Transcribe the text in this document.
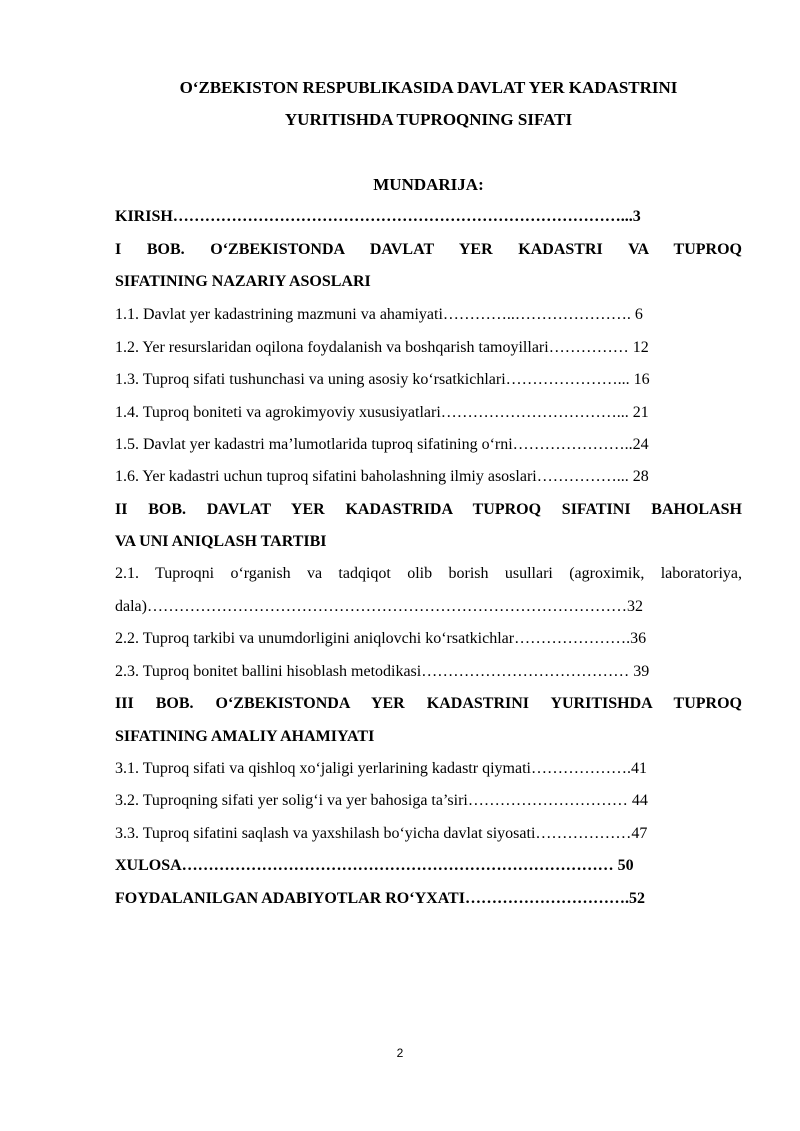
O‘ZBEKISTON RESPUBLIKASIDA DAVLAT YER KADASTRINI
YURITISHDA TUPROQNING SIFATI
MUNDARIJA:
KIRISH…………………………………………………………………………...3
I BOB. O‘ZBEKISTONDA DAVLAT YER KADASTRI VA TUPROQ
SIFATINING NAZARIY ASOSLARI
1.1. Davlat yer kadastrining mazmuni va ahamiyati…………..…………………. 6
1.2. Yer resurslaridan oqilona foydalanish va boshqarish tamoyillari…………… 12
1.3. Tuproq sifati tushunchasi va uning asosiy ko‘rsatkichlari…………………... 16
1.4. Tuproq boniteti va agrokimyoviy xususiyatlari……………………………... 21
1.5. Davlat yer kadastri ma’lumotlarida tuproq sifatining o‘rni…………………..24
1.6. Yer kadastri uchun tuproq sifatini baholashning ilmiy asoslari……………... 28
II BOB. DAVLAT YER KADASTRIDA TUPROQ SIFATINI BAHOLASH
VA UNI ANIQLASH TARTIBI
2.1. Tuproqni o‘rganish va tadqiqot olib borish usullari (agroximik, laboratoriya,
dala)………………………………………………………………………………32
2.2. Tuproq tarkibi va unumdorligini aniqlovchi ko‘rsatkichlar………………….36
2.3. Tuproq bonitet ballini hisoblash metodikasi………………………………… 39
III BOB. O‘ZBEKISTONDA YER KADASTRINI YURITISHDA TUPROQ
SIFATINING AMALIY AHAMIYATI
3.1. Tuproq sifati va qishloq xo‘jaligi yerlarining kadastr qiymati……………….41
3.2. Tuproqning sifati yer solig‘i va yer bahosiga ta’siri………………………… 44
3.3. Tuproq sifatini saqlash va yaxshilash bo‘yicha davlat siyosati………………47
XULOSA……………………………………………………………………… 50
FOYDALANILGAN ADABIYOTLAR RO‘YXATI………………………….52
2
